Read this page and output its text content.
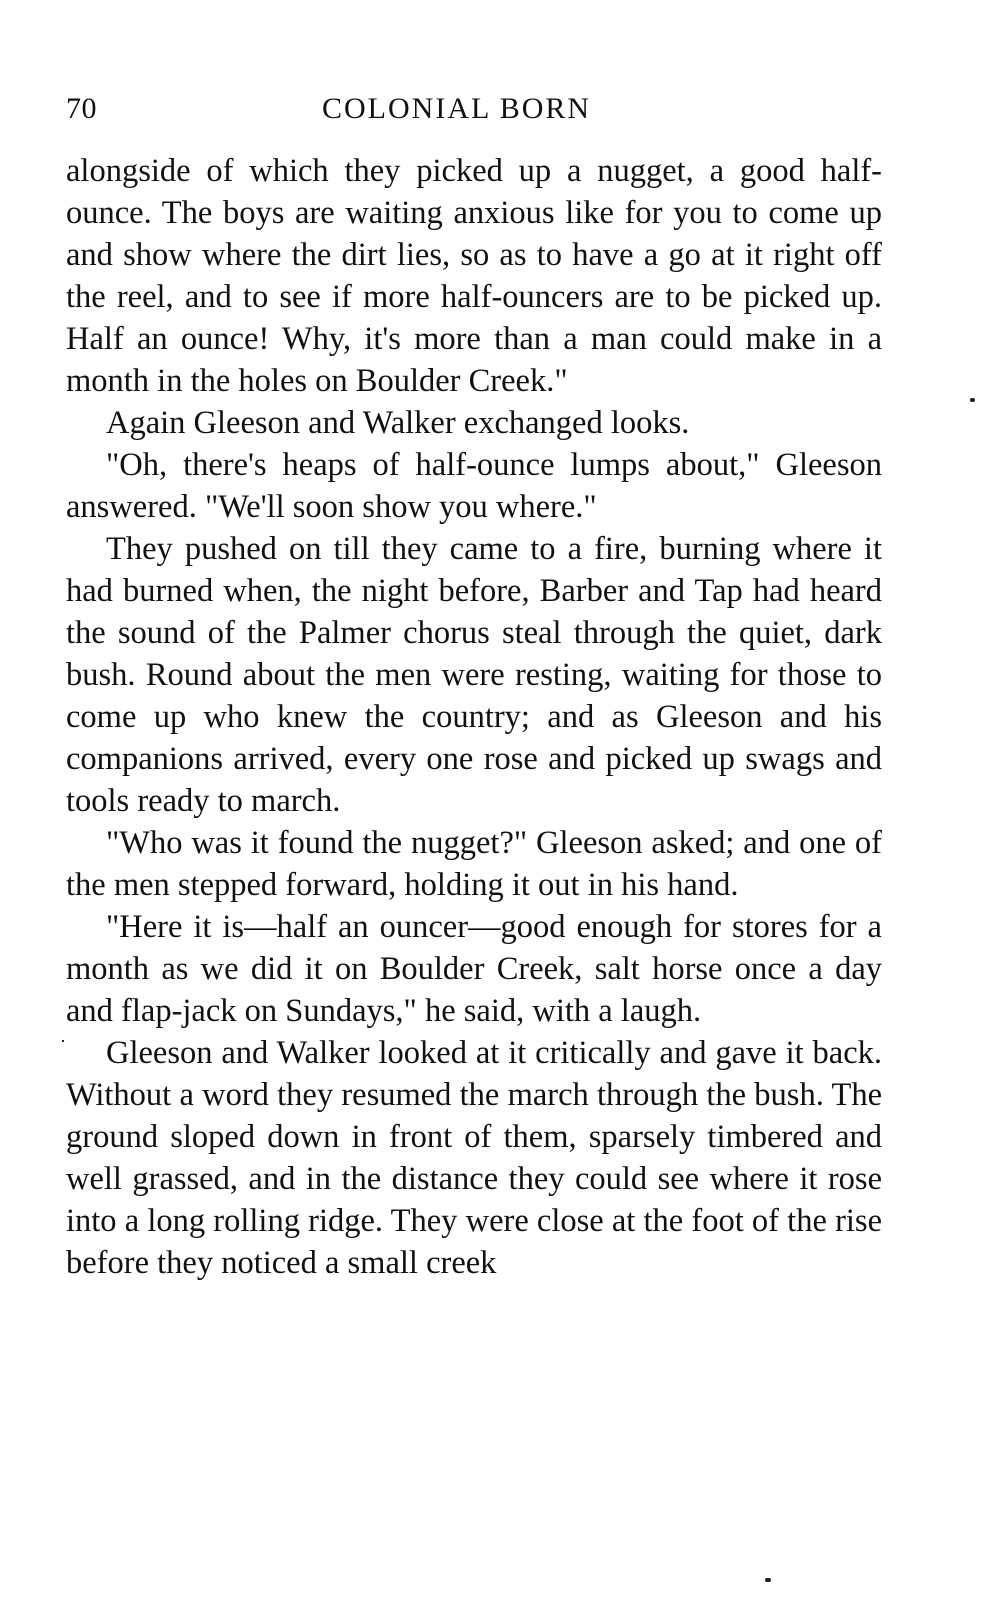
70	COLONIAL BORN

alongside of which they picked up a nugget, a good half-ounce. The boys are waiting anxious like for you to come up and show where the dirt lies, so as to have a go at it right off the reel, and to see if more half-ouncers are to be picked up. Half an ounce! Why, it's more than a man could make in a month in the holes on Boulder Creek."

Again Gleeson and Walker exchanged looks.

"Oh, there's heaps of half-ounce lumps about," Gleeson answered. "We'll soon show you where."

They pushed on till they came to a fire, burning where it had burned when, the night before, Barber and Tap had heard the sound of the Palmer chorus steal through the quiet, dark bush. Round about the men were resting, waiting for those to come up who knew the country; and as Gleeson and his companions arrived, every one rose and picked up swags and tools ready to march.

"Who was it found the nugget?" Gleeson asked; and one of the men stepped forward, holding it out in his hand.

"Here it is—half an ouncer—good enough for stores for a month as we did it on Boulder Creek, salt horse once a day and flap-jack on Sundays," he said, with a laugh.

Gleeson and Walker looked at it critically and gave it back. Without a word they resumed the march through the bush. The ground sloped down in front of them, sparsely timbered and well grassed, and in the distance they could see where it rose into a long rolling ridge. They were close at the foot of the rise before they noticed a small creek
